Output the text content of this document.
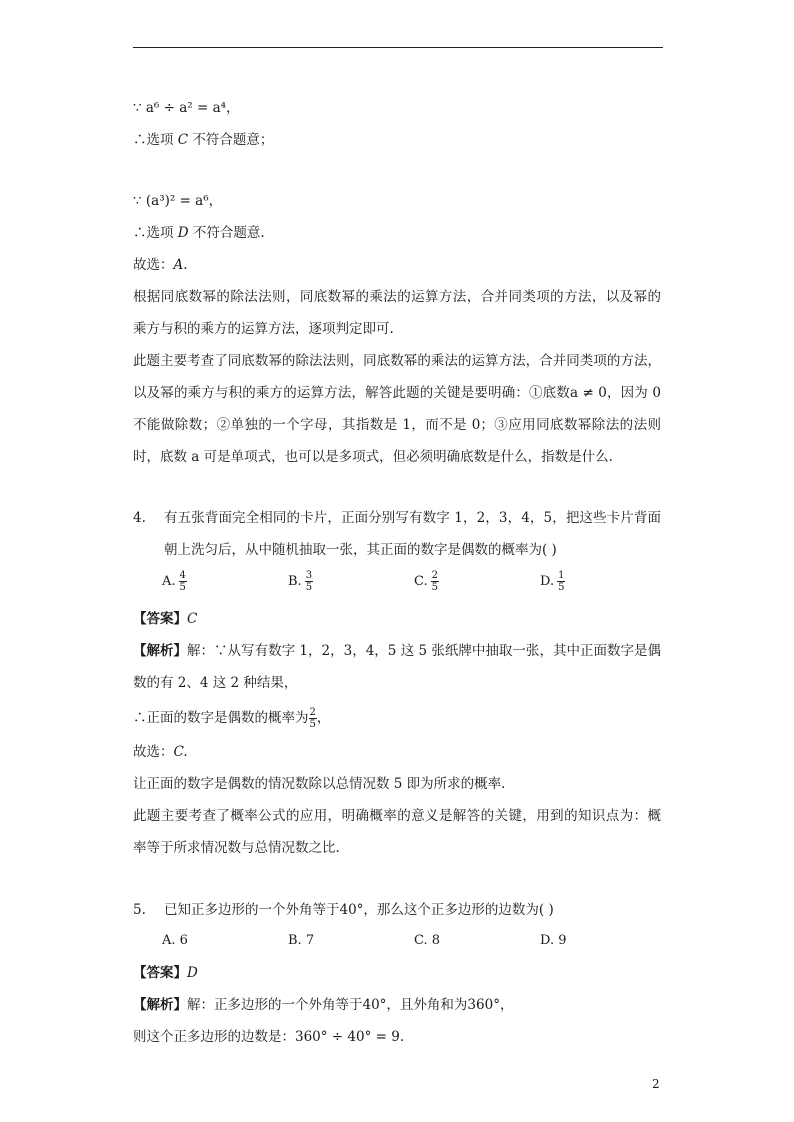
∵ a⁶ ÷ a² = a⁴，
∴选项 C 不符合题意；
∵ (a³)² = a⁶，
∴选项 D 不符合题意.
故选：A.
根据同底数幂的除法法则，同底数幂的乘法的运算方法，合并同类项的方法，以及幂的
乘方与积的乘方的运算方法，逐项判定即可.
此题主要考查了同底数幂的除法法则，同底数幂的乘法的运算方法，合并同类项的方法，
以及幂的乘方与积的乘方的运算方法，解答此题的关键是要明确：①底数a ≠ 0，因为 0
不能做除数；②单独的一个字母，其指数是 1，而不是 0；③应用同底数幂除法的法则
时，底数 a 可是单项式，也可以是多项式，但必须明确底数是什么，指数是什么.
4. 有五张背面完全相同的卡片，正面分别写有数字 1，2，3，4，5，把这些卡片背面
朝上洗匀后，从中随机抽取一张，其正面的数字是偶数的概率为( )
A. $\frac{4}{5}$	B. $\frac{3}{5}$	C. $\frac{2}{5}$	D. $\frac{1}{5}$
【答案】C
【解析】解：∵从写有数字 1，2，3，4，5 这 5 张纸牌中抽取一张，其中正面数字是偶
数的有 2、4 这 2 种结果，
∴正面的数字是偶数的概率为 $\frac{2}{5}$ ，
故选：C.
让正面的数字是偶数的情况数除以总情况数 5 即为所求的概率.
此题主要考查了概率公式的应用，明确概率的意义是解答的关键，用到的知识点为：概
率等于所求情况数与总情况数之比.
5. 已知正多边形的一个外角等于40°，那么这个正多边形的边数为( )
A. 6	B. 7	C. 8	D. 9
【答案】D
【解析】解：正多边形的一个外角等于40°，且外角和为360°，
则这个正多边形的边数是：360° ÷ 40° = 9.
2
